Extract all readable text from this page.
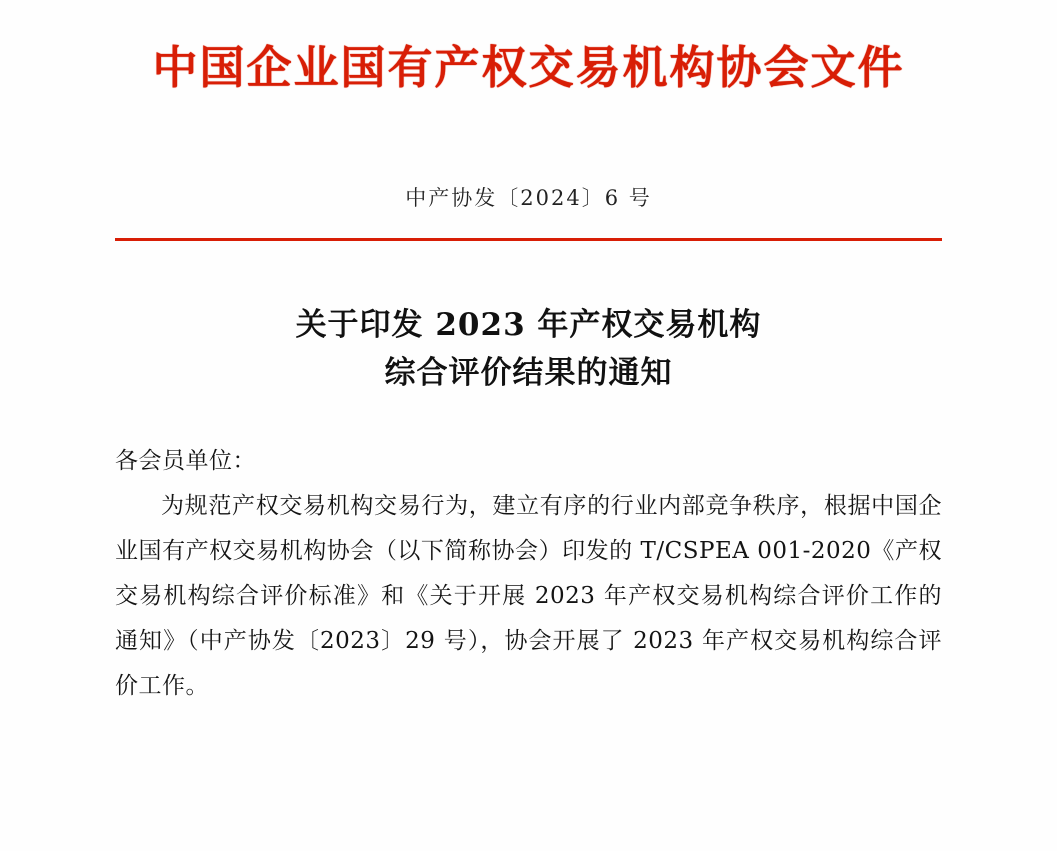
中国企业国有产权交易机构协会文件
中产协发〔2024〕6 号
关于印发 2023 年产权交易机构
综合评价结果的通知

各会员单位：

为规范产权交易机构交易行为，建立有序的行业内部竞争秩序，根据中国企业国有产权交易机构协会（以下简称协会）印发的 T/CSPEA 001-2020《产权交易机构综合评价标准》和《关于开展 2023 年产权交易机构综合评价工作的通知》（中产协发〔2023〕29 号），协会开展了 2023 年产权交易机构综合评价工作。
